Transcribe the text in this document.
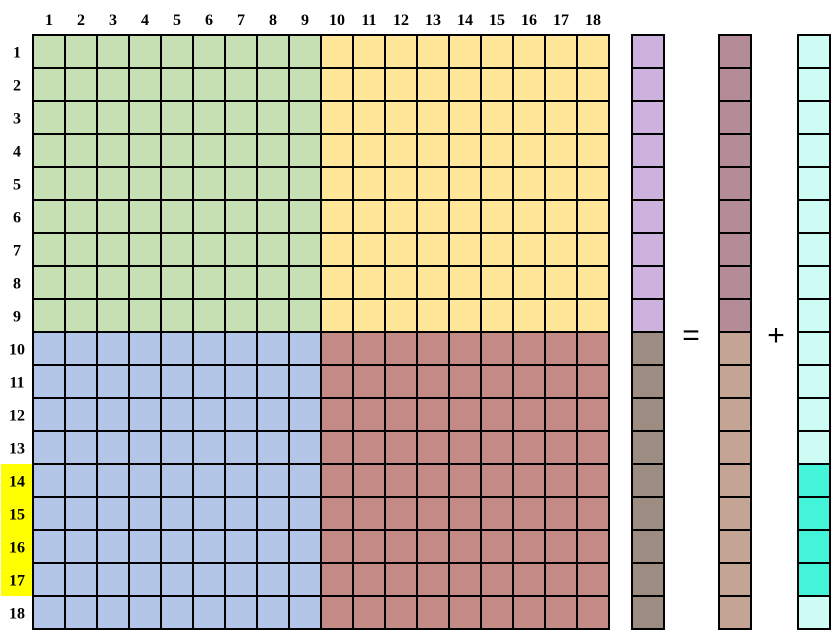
1 2 3 4 5 6 7 8 9 10 11 12 13 14 15 16 17 18
1
2
3
4
5
6
7
8
9
10
11
12
13
14
15
16
17
18
= +
